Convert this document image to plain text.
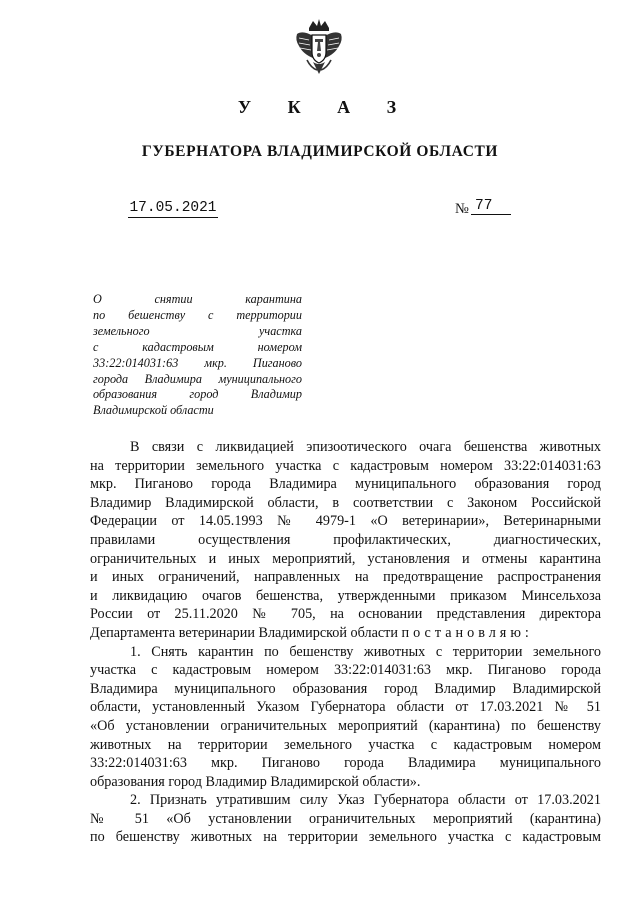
У К А З
ГУБЕРНАТОРА ВЛАДИМИРСКОЙ ОБЛАСТИ
17.05.2021	№ 77
О снятии карантина
по бешенству с территории
земельного участка
с кадастровым номером
33:22:014031:63 мкр. Пиганово
города Владимира муниципального
образования город Владимир
Владимирской области
В связи с ликвидацией эпизоотического очага бешенства животных
на территории земельного участка с кадастровым номером 33:22:014031:63
мкр. Пиганово города Владимира муниципального образования город
Владимир Владимирской области, в соответствии с Законом Российской
Федерации от 14.05.1993 № 4979-1 «О ветеринарии», Ветеринарными
правилами осуществления профилактических, диагностических,
ограничительных и иных мероприятий, установления и отмены карантина
и иных ограничений, направленных на предотвращение распространения
и ликвидацию очагов бешенства, утвержденными приказом Минсельхоза
России от 25.11.2020 № 705, на основании представления директора
Департамента ветеринарии Владимирской области постановляю:
1. Снять карантин по бешенству животных с территории земельного
участка с кадастровым номером 33:22:014031:63 мкр. Пиганово города
Владимира муниципального образования город Владимир Владимирской
области, установленный Указом Губернатора области от 17.03.2021 № 51
«Об установлении ограничительных мероприятий (карантина) по бешенству
животных на территории земельного участка с кадастровым номером
33:22:014031:63 мкр. Пиганово города Владимира муниципального
образования город Владимир Владимирской области».
2. Признать утратившим силу Указ Губернатора области от 17.03.2021
№ 51 «Об установлении ограничительных мероприятий (карантина)
по бешенству животных на территории земельного участка с кадастровым
